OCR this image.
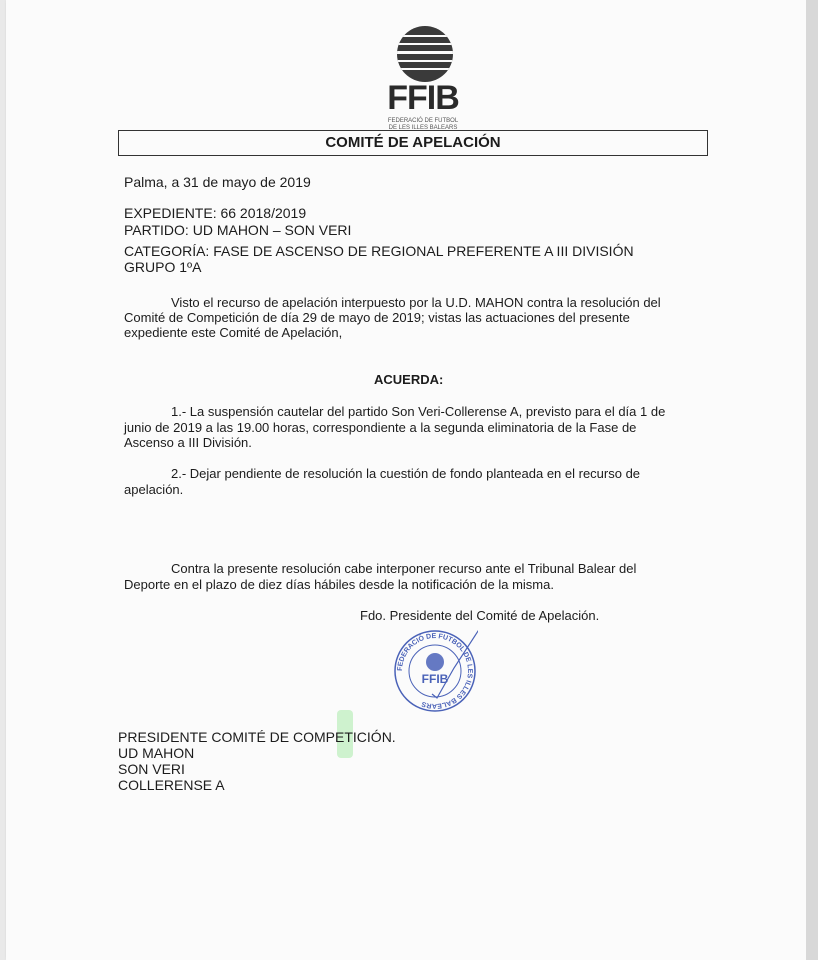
FFIB
FEDERACIÓ DE FUTBOL
DE LES ILLES BALEARS
COMITÉ DE APELACIÓN
Palma, a 31 de mayo de 2019
EXPEDIENTE: 66 2018/2019
PARTIDO: UD MAHON – SON VERI
CATEGORÍA: FASE DE ASCENSO DE REGIONAL PREFERENTE A III DIVISIÓN
GRUPO 1ºA
Visto el recurso de apelación interpuesto por la U.D. MAHON contra la resolución del
Comité de Competición de día 29 de mayo de 2019; vistas las actuaciones del presente
expediente este Comité de Apelación,
ACUERDA:
1.- La suspensión cautelar del partido Son Veri-Collerense A, previsto para el día 1 de
junio de 2019 a las 19.00 horas, correspondiente a la segunda eliminatoria de la Fase de
Ascenso a III División.
2.- Dejar pendiente de resolución la cuestión de fondo planteada en el recurso de
apelación.
Contra la presente resolución cabe interponer recurso ante el Tribunal Balear del
Deporte en el plazo de diez días hábiles desde la notificación de la misma.
Fdo. Presidente del Comité de Apelación.
FEDERACIÓ DE FUTBOL DE LES ILLES BALEARS
FFIB
PRESIDENTE COMITÉ DE COMPETICIÓN.
UD MAHON
SON VERI
COLLERENSE A
